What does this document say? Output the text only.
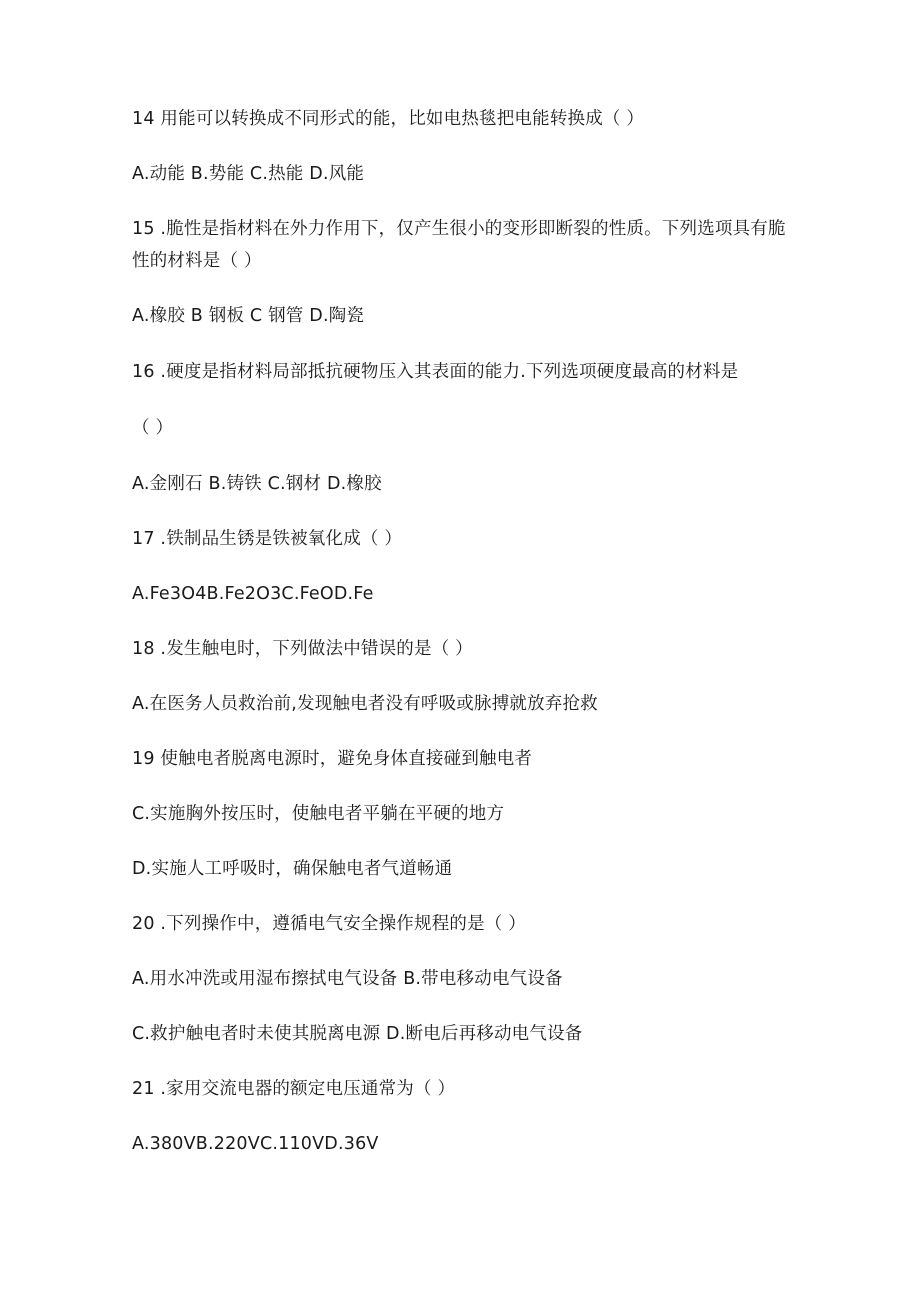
14 用能可以转换成不同形式的能，比如电热毯把电能转换成（ ）
A.动能 B.势能 C.热能 D.风能
15 .脆性是指材料在外力作用下，仅产生很小的变形即断裂的性质。下列选项具有脆性的材料是（ ）
A.橡胶 B 钢板 C 钢管 D.陶瓷
16 .硬度是指材料局部抵抗硬物压入其表面的能力.下列选项硬度最高的材料是
（ ）
A.金刚石 B.铸铁 C.钢材 D.橡胶
17 .铁制品生锈是铁被氧化成（ ）
A.Fe3O4B.Fe2O3C.FeOD.Fe
18 .发生触电时，下列做法中错误的是（ ）
A.在医务人员救治前,发现触电者没有呼吸或脉搏就放弃抢救
19 使触电者脱离电源时，避免身体直接碰到触电者
C.实施胸外按压时，使触电者平躺在平硬的地方
D.实施人工呼吸时，确保触电者气道畅通
20 .下列操作中，遵循电气安全操作规程的是（ ）
A.用水冲洗或用湿布擦拭电气设备 B.带电移动电气设备
C.救护触电者时未使其脱离电源 D.断电后再移动电气设备
21 .家用交流电器的额定电压通常为（ ）
A.380VB.220VC.110VD.36V
